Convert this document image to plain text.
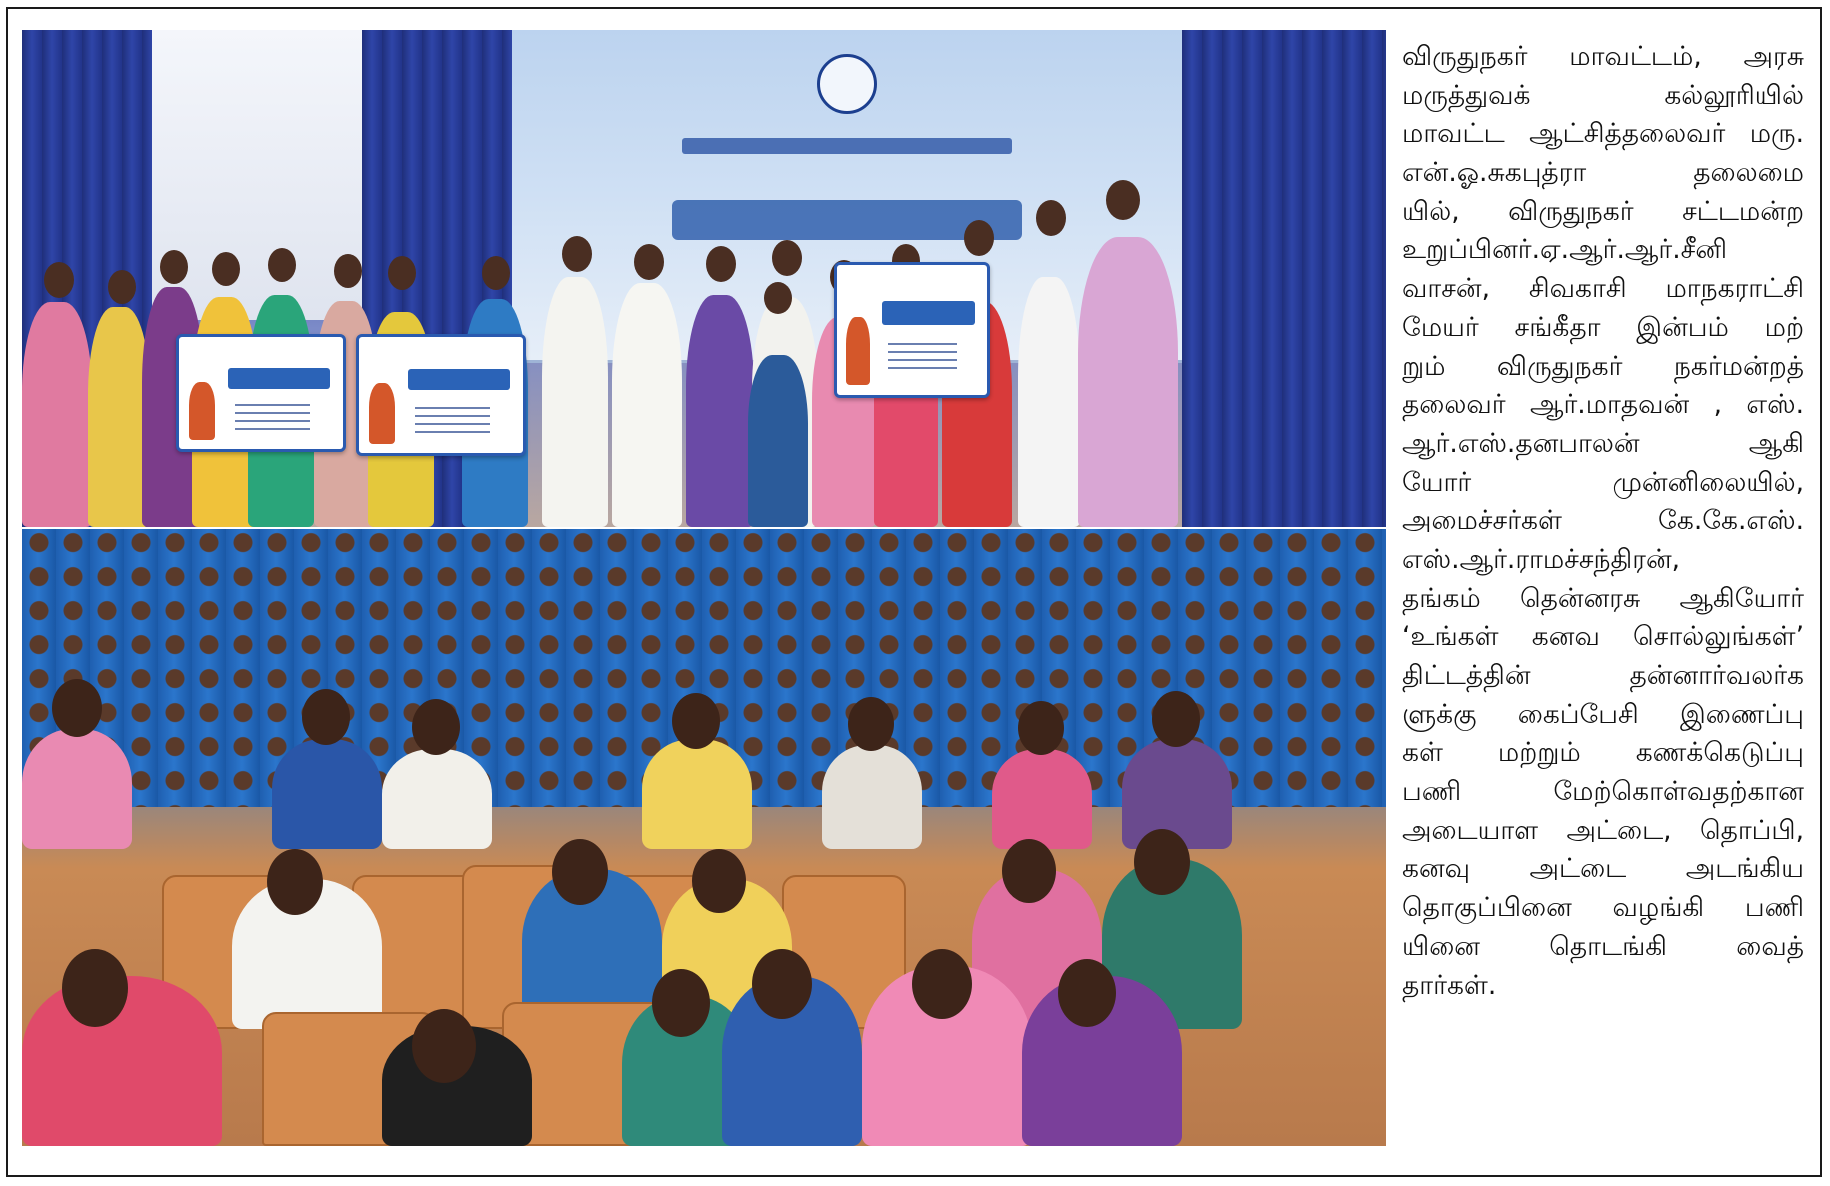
விருதுநகர் மாவட்டம், அரசு
மருத்துவக் கல்லூரியில்
மாவட்ட ஆட்சித்தலைவர் மரு.
என்.ஓ.சுகபுத்ரா தலைமை
யில், விருதுநகர் சட்டமன்ற
உறுப்பினர்.ஏ.ஆர்.ஆர்.சீனி
வாசன், சிவகாசி மாநகராட்சி
மேயர் சங்கீதா இன்பம் மற்
றும் விருதுநகர் நகர்மன்றத்
தலைவர் ஆர்.மாதவன் , எஸ்.
ஆர்.எஸ்.தனபாலன் ஆகி
யோர் முன்னிலையில்,
அமைச்சர்கள் கே.கே.எஸ்.
எஸ்.ஆர்.ராமச்சந்திரன்,
தங்கம் தென்னரசு ஆகியோர்
‘உங்கள் கனவ சொல்லுங்கள்’
திட்டத்தின் தன்னார்வலர்க
ளுக்கு கைப்பேசி இணைப்பு
கள் மற்றும் கணக்கெடுப்பு
பணி மேற்கொள்வதற்கான
அடையாள அட்டை, தொப்பி,
கனவு அட்டை அடங்கிய
தொகுப்பினை வழங்கி பணி
யினை தொடங்கி வைத்
தார்கள்.
